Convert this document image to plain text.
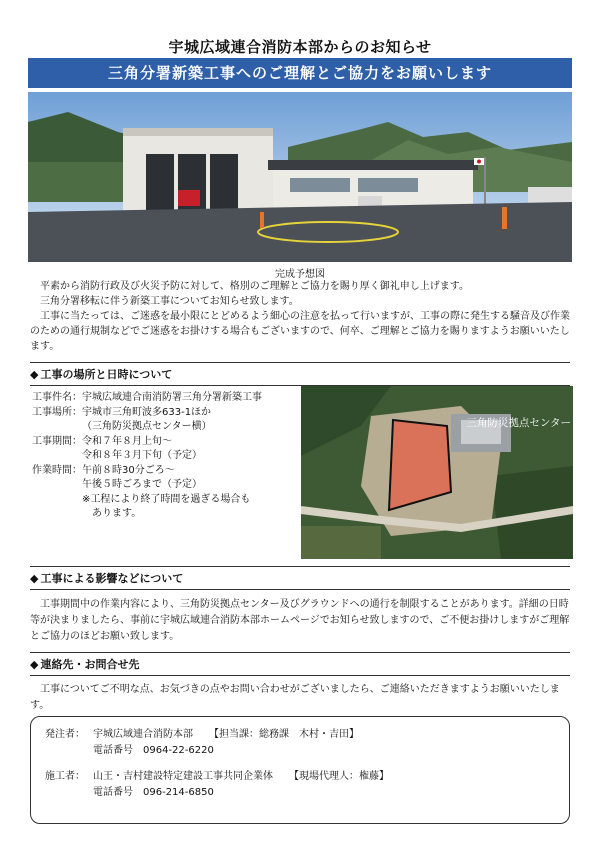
宇城広域連合消防本部からのお知らせ
三角分署新築工事へのご理解とご協力をお願いします
完成予想図

平素から消防行政及び火災予防に対して、格別のご理解とご協力を賜り厚く御礼申し上げます。

三角分署移転に伴う新築工事についてお知らせ致します。

工事に当たっては、ご迷惑を最小限にとどめるよう細心の注意を払って行いますが、工事の際に発生する騒音及び作業のための通行規制などでご迷惑をお掛けする場合もございますので、何卒、ご理解とご協力を賜りますようお願いいたします。

◆ 工事の場所と日時について
工事件名： 宇城広域連合南消防署三角分署新築工事
工事場所： 宇城市三角町波多633-1ほか
（三角防災拠点センター横）
工事期間： 令和７年８月上旬～
令和８年３月下旬（予定）
作業時間： 午前８時30分ごろ～
午後５時ごろまで（予定）
※工程により終了時間を過ぎる場合も
あります。
三角防災拠点センター
◆ 工事による影響などについて

工事期間中の作業内容により、三角防災拠点センター及びグラウンドへの通行を制限することがあります。詳細の日時等が決まりましたら、事前に宇城広域連合消防本部ホームページでお知らせ致しますので、ご不便お掛けしますがご理解とご協力のほどお願い致します。

◆ 連絡先・お問合せ先

工事についてご不明な点、お気づきの点やお問い合わせがございましたら、ご連絡いただきますようお願いいたします。

発注者： 宇城広域連合消防本部 【担当課：総務課　木村・吉田】
電話番号　0964-22-6220
施工者： 山王・吉村建設特定建設工事共同企業体 【現場代理人：権藤】
電話番号　096-214-6850
